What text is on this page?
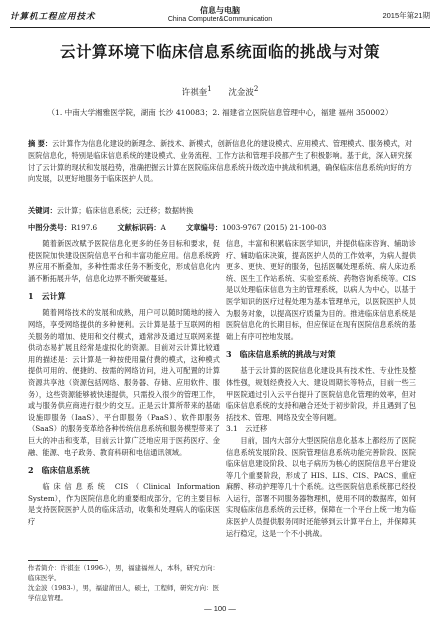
计算机工程应用技术
信息与电脑
China Computer&Communication	2015年第21期
云计算环境下临床信息系统面临的挑战与对策
许祺奎$^1$ 沈金波$^2$
（1. 中南大学湘雅医学院，湖南 长沙 410083；2. 福建省立医院信息管理中心，福建 福州 350002）
摘 要：云计算作为信息化建设的新理念、新技术、新模式，创新信息化的建设模式、应用模式、管理模式、服务模式，对医院信息化，特别是临床信息系统的建设模式、业务流程、工作方法和管理手段都产生了积极影响。基于此，深入研究探讨了云计算的现状和发展趋势，准确把握云计算在医院临床信息系统升级改造中挑战和机遇，确保临床信息系统向好的方向发展，以更好地服务于临床医护人员。
关键词：云计算；临床信息系统；云迁移；数据转换
中图分类号：R197.6	文献标识码：A	文章编号：1003-9767 (2015) 21-100-03

随着新医改赋予医院信息化更多的任务目标和要求，促使医院加快建设医院信息平台和丰富功能应用。信息系统跨界应用不断叠加，多种性需求任务不断变化，形成信息化内涵不断拓展升华，信息化边界不断突破蔓延。

1　云计算

随着网络技术的发展和成熟，用户可以随时随地的接入网络，享受网络提供的多种便利。云计算是基于互联网的相关服务的增加、使用和交付模式，通常涉及通过互联网来提供动态易扩展且经常是虚拟化的资源。目前对云计算比较通用的描述是：云计算是一种按使用量付费的模式，这种模式提供可用的、便捷的、按需的网络访问，进入可配置的计算资源共享池（资源包括网络、服务器、存储、应用软件、服务），这些资源能够被快速提供，只需投入很少的管理工作，或与服务供应商进行很少的交互。正是云计算所带来的基础设施即服务（IaaS）、平台即服务（PaaS）、软件即服务（SaaS）的服务变革给各种传统信息系统和服务模型带来了巨大的冲击和变革，目前云计算广泛地应用于医药医疗、金融、能源、电子政务、教育科研和电信通讯领域。

2　临床信息系统

临床信息系统 CIS（Clinical Information System），作为医院信息化的重要组成部分，它的主要目标是支持医院医护人员的临床活动，收集和处理病人的临床医疗

信息，丰富和积累临床医学知识，并提供临床咨询、辅助诊疗、辅助临床决策，提高医护人员的工作效率，为病人提供更多、更快、更好的服务，包括医嘱处理系统、病人床边系统、医生工作站系统、实验室系统、药物咨询系统等。CIS 是以处理临床信息为主的管理系统，以病人为中心，以基于医学知识的医疗过程处理为基本管理单元，以医院医护人员为服务对象，以提高医疗质量为目的。推进临床信息系统是医院信息化的长期目标，但应保证在现有医院信息系统的基础上有序可控地发展。

3　临床信息系统的挑战与对策

基于云计算的医院信息化建设具有技术性、专业性及整体性强，规划经费投入大、建设周期长等特点，目前一些三甲医院通过引入云平台提升了医院信息化管理的效率，但对临床信息系统的支持和融合还处于初步阶段，并且遇到了包括技术、管理、网络及安全等问题。

3.1　云迁移

目前，国内大部分大型医院信息化基本上都经历了医院信息系统发展阶段、医院管理信息系统功能完善阶段、医院临床信息建设阶段、以电子病历为核心的医院信息平台建设等几个重要阶段，形成了 HIS、LIS、CIS、PACS、重症麻醉、移动护理等几十个系统。这些医院信息系统都已经投入运行，部署不同服务器物理机，使用不同的数据库，如何实现临床信息系统的云迁移，保障在一个平台上统一地为临床医护人员提供服务同时还能够到云计算平台上，并保障其运行稳定，这是一个不小挑战。

作者简介：许祺奎（1996-），男，福建福州人，本科，研究方向：临床医学。
沈金波（1983-），男，福建莆田人，硕士，工程师，研究方向：医学信息管理。
— 100 —
